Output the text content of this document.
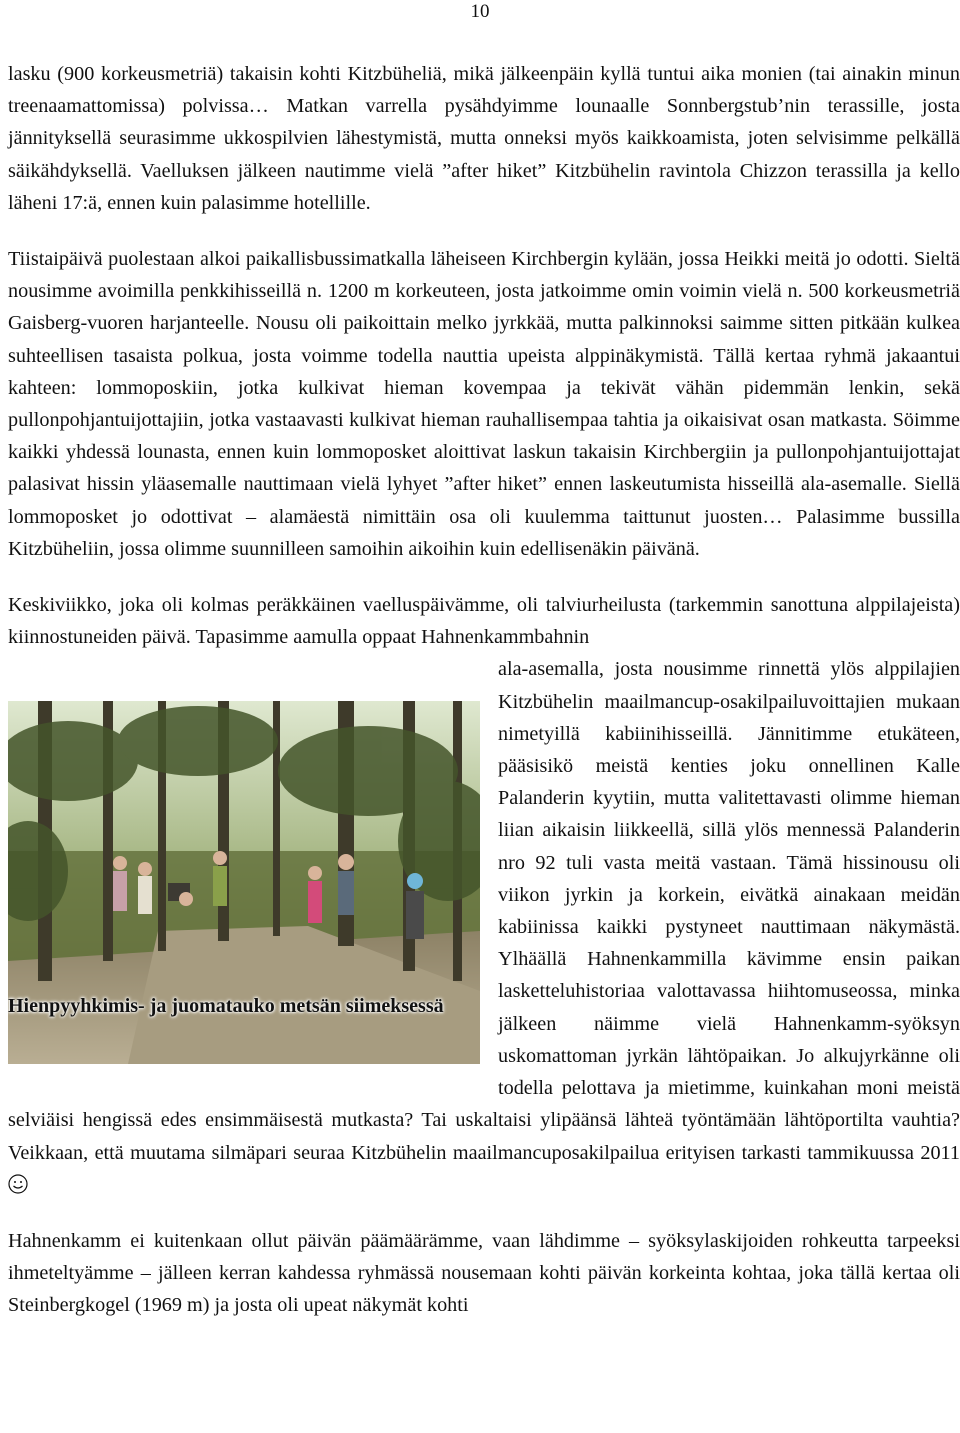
10

lasku (900 korkeusmetriä) takaisin kohti Kitzbüheliä, mikä jälkeenpäin kyllä tuntui aika monien (tai ainakin minun treenaamattomissa) polvissa… Matkan varrella pysähdyimme lounaalle Sonnbergstub’nin terassille, josta jännityksellä seurasimme ukkospilvien lähestymistä, mutta onneksi myös kaikkoamista, joten selvisimme pelkällä säikähdyksellä. Vaelluksen jälkeen nautimme vielä ”after hiket” Kitzbühelin ravintola Chizzon terassilla ja kello läheni 17:ä, ennen kuin palasimme hotellille.

Tiistaipäivä puolestaan alkoi paikallisbussimatkalla läheiseen Kirchbergin kylään, jossa Heikki meitä jo odotti. Sieltä nousimme avoimilla penkkihisseillä n. 1200 m korkeuteen, josta jatkoimme omin voimin vielä n. 500 korkeusmetriä Gaisberg-vuoren harjanteelle. Nousu oli paikoittain melko jyrkkää, mutta palkinnoksi saimme sitten pitkään kulkea suhteellisen tasaista polkua, josta voimme todella nauttia upeista alppinäkymistä. Tällä kertaa ryhmä jakaantui kahteen: lommoposkiin, jotka kulkivat hieman kovempaa ja tekivät vähän pidemmän lenkin, sekä pullonpohjantuijottajiin, jotka vastaavasti kulkivat hieman rauhallisempaa tahtia ja oikaisivat osan matkasta. Söimme kaikki yhdessä lounasta, ennen kuin lommoposket aloittivat laskun takaisin Kirchbergiin ja pullonpohjantuijottajat palasivat hissin yläasemalle nauttimaan vielä lyhyet ”after hiket” ennen laskeutumista hisseillä ala-asemalle. Siellä lommoposket jo odottivat – alamäestä nimittäin osa oli kuulemma taittunut juosten… Palasimme bussilla Kitzbüheliin, jossa olimme suunnilleen samoihin aikoihin kuin edellisenäkin päivänä.

Keskiviikko, joka oli kolmas peräkkäinen vaelluspäivämme, oli talviurheilusta (tarkemmin sanottuna alppilajeista) kiinnostuneiden päivä. Tapasimme aamulla oppaat Hahnenkammbahnin

Hienpyyhkimis- ja juomatauko metsän siimeksessä

ala-asemalla, josta nousimme rinnettä ylös alppilajien Kitzbühelin maailmancup-osakilpailuvoittajien mukaan nimetyillä kabiinihisseillä. Jännitimme etukäteen, pääsisikö meistä kenties joku onnellinen Kalle Palanderin kyytiin, mutta valitettavasti olimme hieman liian aikaisin liikkeellä, sillä ylös mennessä Palanderin nro 92 tuli vasta meitä vastaan. Tämä hissinousu oli viikon jyrkin ja korkein, eivätkä ainakaan meidän kabiinissa kaikki pystyneet nauttimaan näkymästä. Ylhäällä Hahnenkammilla kävimme ensin paikan lasketteluhistoriaa valottavassa hiihtomuseossa, minka jälkeen näimme vielä Hahnenkamm-syöksyn uskomattoman jyrkän lähtöpaikan. Jo alkujyrkänne oli todella pelottava ja mietimme, kuinkahan moni meistä selviäisi hengissä edes ensimmäisestä mutkasta? Tai uskaltaisi ylipäänsä lähteä työntämään lähtöportilta vauhtia? Veikkaan, että muutama silmäpari seuraa Kitzbühelin maailmancuposakilpailua erityisen tarkasti tammikuussa 2011

Hahnenkamm ei kuitenkaan ollut päivän päämäärämme, vaan lähdimme – syöksylaskijoiden rohkeutta tarpeeksi ihmeteltyämme – jälleen kerran kahdessa ryhmässä nousemaan kohti päivän korkeinta kohtaa, joka tällä kertaa oli Steinbergkogel (1969 m) ja josta oli upeat näkymät kohti
